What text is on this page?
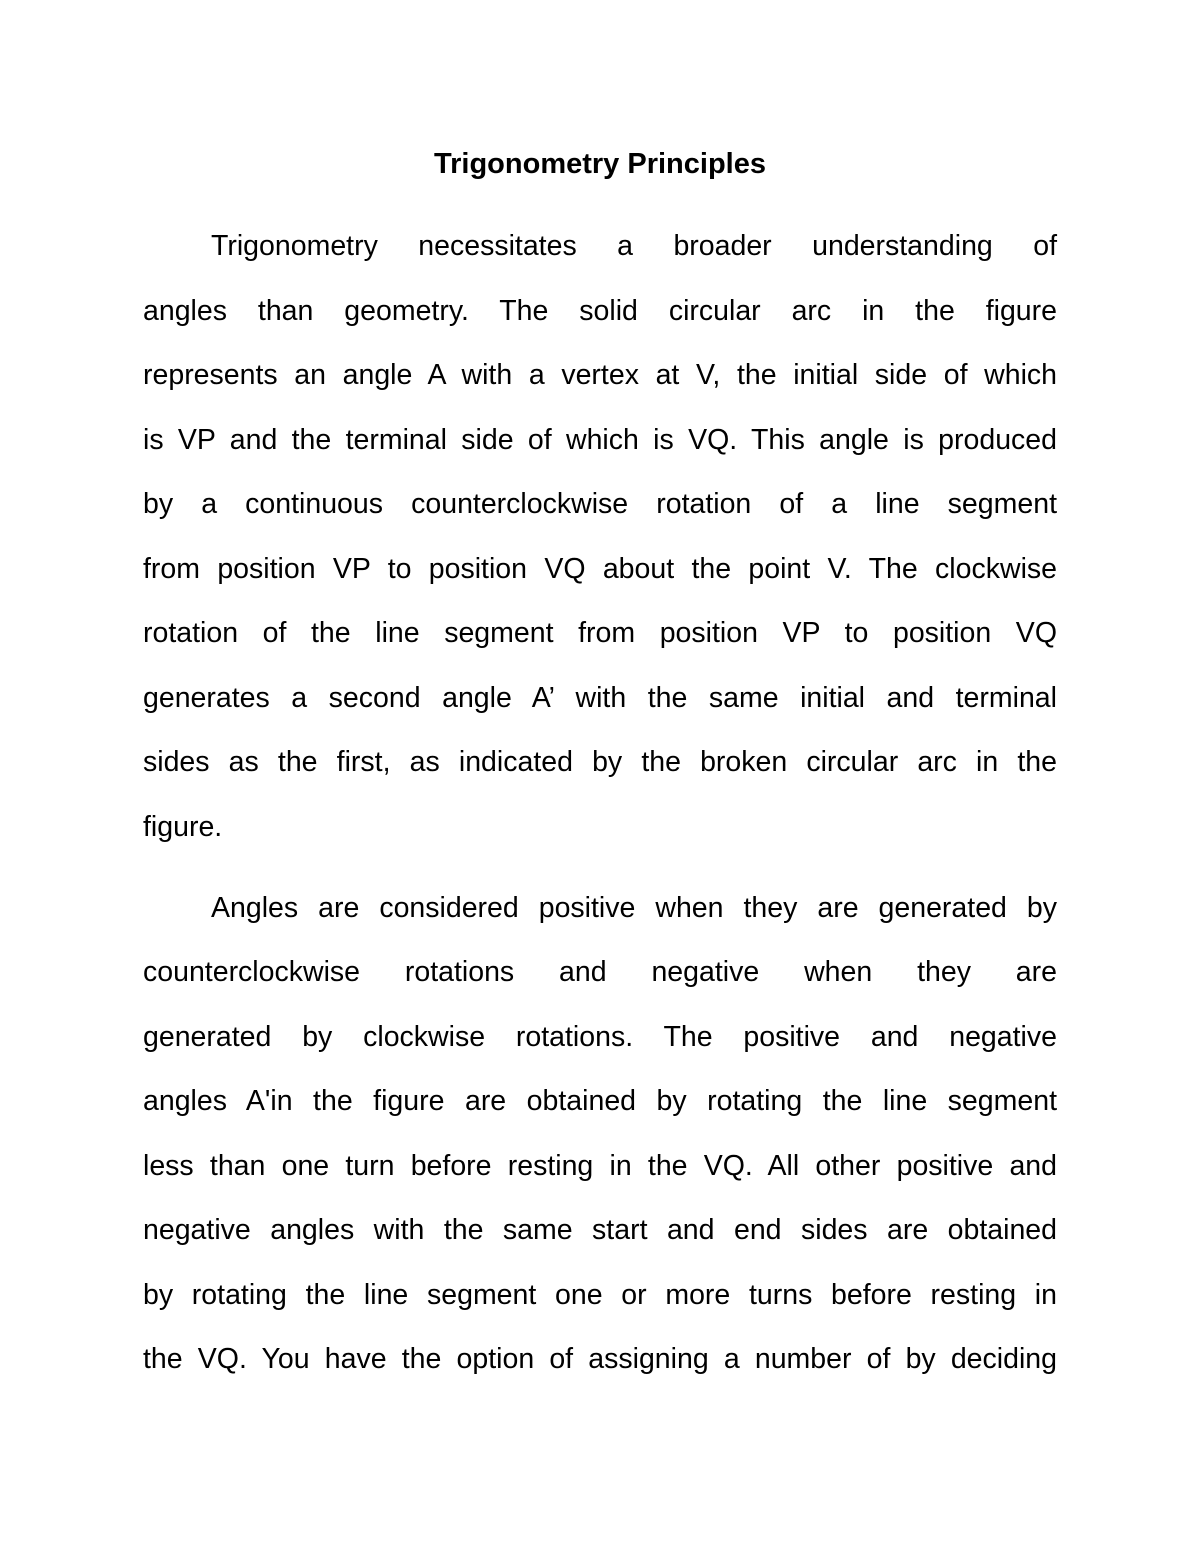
Trigonometry Principles
Trigonometry necessitates a broader understanding of
angles than geometry. The solid circular arc in the figure
represents an angle A with a vertex at V, the initial side of which
is VP and the terminal side of which is VQ. This angle is produced
by a continuous counterclockwise rotation of a line segment
from position VP to position VQ about the point V. The clockwise
rotation of the line segment from position VP to position VQ
generates a second angle A’ with the same initial and terminal
sides as the first, as indicated by the broken circular arc in the
figure.
Angles are considered positive when they are generated by
counterclockwise rotations and negative when they are
generated by clockwise rotations. The positive and negative
angles A'in the figure are obtained by rotating the line segment
less than one turn before resting in the VQ. All other positive and
negative angles with the same start and end sides are obtained
by rotating the line segment one or more turns before resting in
the VQ. You have the option of assigning a number of by deciding
